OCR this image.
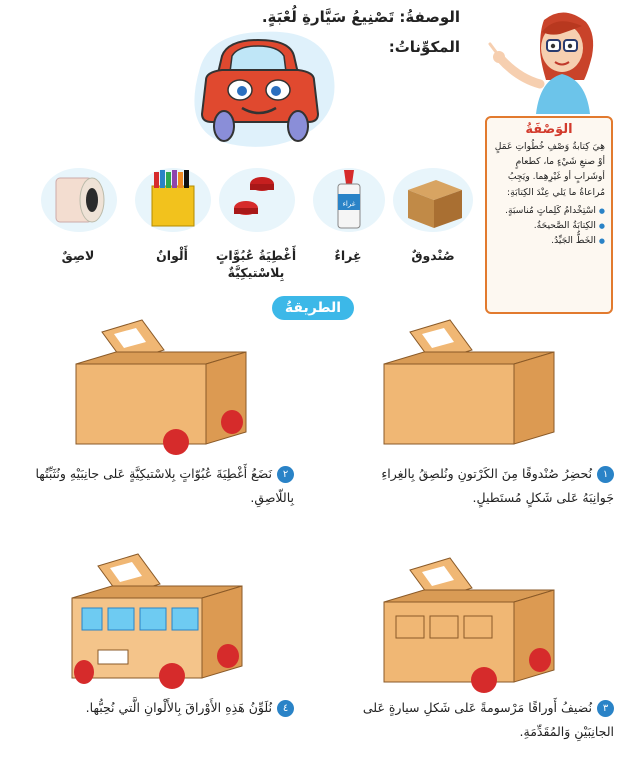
الوصفةُ: تَصْنِيعُ سَيَّارةِ لُعْبَةٍ.
المكوِّناتُ:
الوَصْفَةُ
هِيَ كِتابةُ وَصْفِ خُطُواتِ عَمَلٍ أوْ صنعِ شَيْءٍ ما، كطعامٍ أوشَرابٍ أو غَيْرِهِما. ويَجِبُ مُراعاةُ ما يَلي عِنْدَ الكِتابَةِ:
● اسْتِخْدامُ كَلِماتٍ مُناسبَةٍ.
● الكِتابَةُ الصَّحيحَةُ.
● الخَطُّ الجَيِّدُ.
غراء
صُنْدوقٌ
غِراءٌ
أَغْطِيَةُ عُبُوَّاتٍ بِلاسْتيكِيَّةٌ
أَلْوانٌ
لاصِقٌ
الطريقةُ
١نُحضِرُ صُنْدوقًا مِنَ الكَرْتونِ ونُلصِقُ بِالغِراءِ جَوانِبَهُ عَلى شَكلٍ مُستَطيلٍ.
٢نَضَعُ أَغْطِيَةَ عُبُوّاتٍ بِلاسْتيكِيَّةٍ عَلى جانِبَيْهِ ونُثَبِّتُها بِاللّاصِقِ.
٣نُضيفُ أَوراقًا مَرْسومةً عَلى شَكلِ سيارةٍ عَلى الجانِبَيْنِ وَالمُقَدِّمَةِ.
٤نُلَوِّنُ هَذِهِ الأَوْراقَ بِالأَلْوانِ الَّتي نُحِبُّها.
